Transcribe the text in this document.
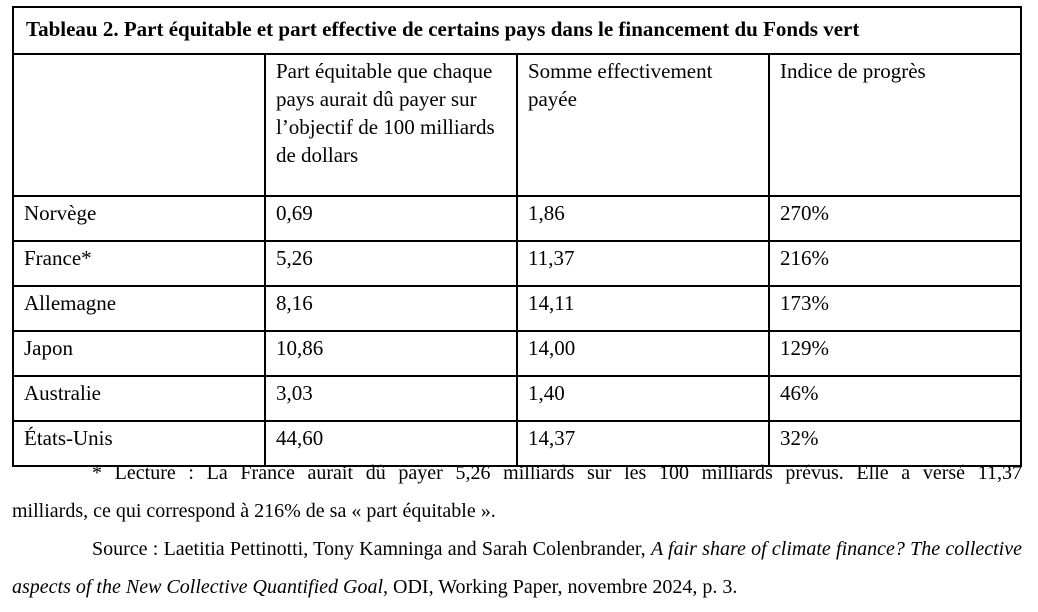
Tableau 2. Part équitable et part effective de certains pays dans le financement du Fonds vert			
	Part équitable que chaque pays aurait dû payer sur l’objectif de 100 milliards de dollars	Somme effectivement payée	Indice de progrès
Norvège	0,69	1,86	270%
France*	5,26	11,37	216%
Allemagne	8,16	14,11	173%
Japon	10,86	14,00	129%
Australie	3,03	1,40	46%
États-Unis	44,60	14,37	32%

* Lecture : La France aurait dû payer 5,26 milliards sur les 100 milliards prévus. Elle a versé 11,37

milliards, ce qui correspond à 216% de sa « part équitable ».

Source : Laetitia Pettinotti, Tony Kamninga and Sarah Colenbrander, A fair share of climate finance? The collective aspects of the New Collective Quantified Goal, ODI, Working Paper, novembre 2024, p. 3.
